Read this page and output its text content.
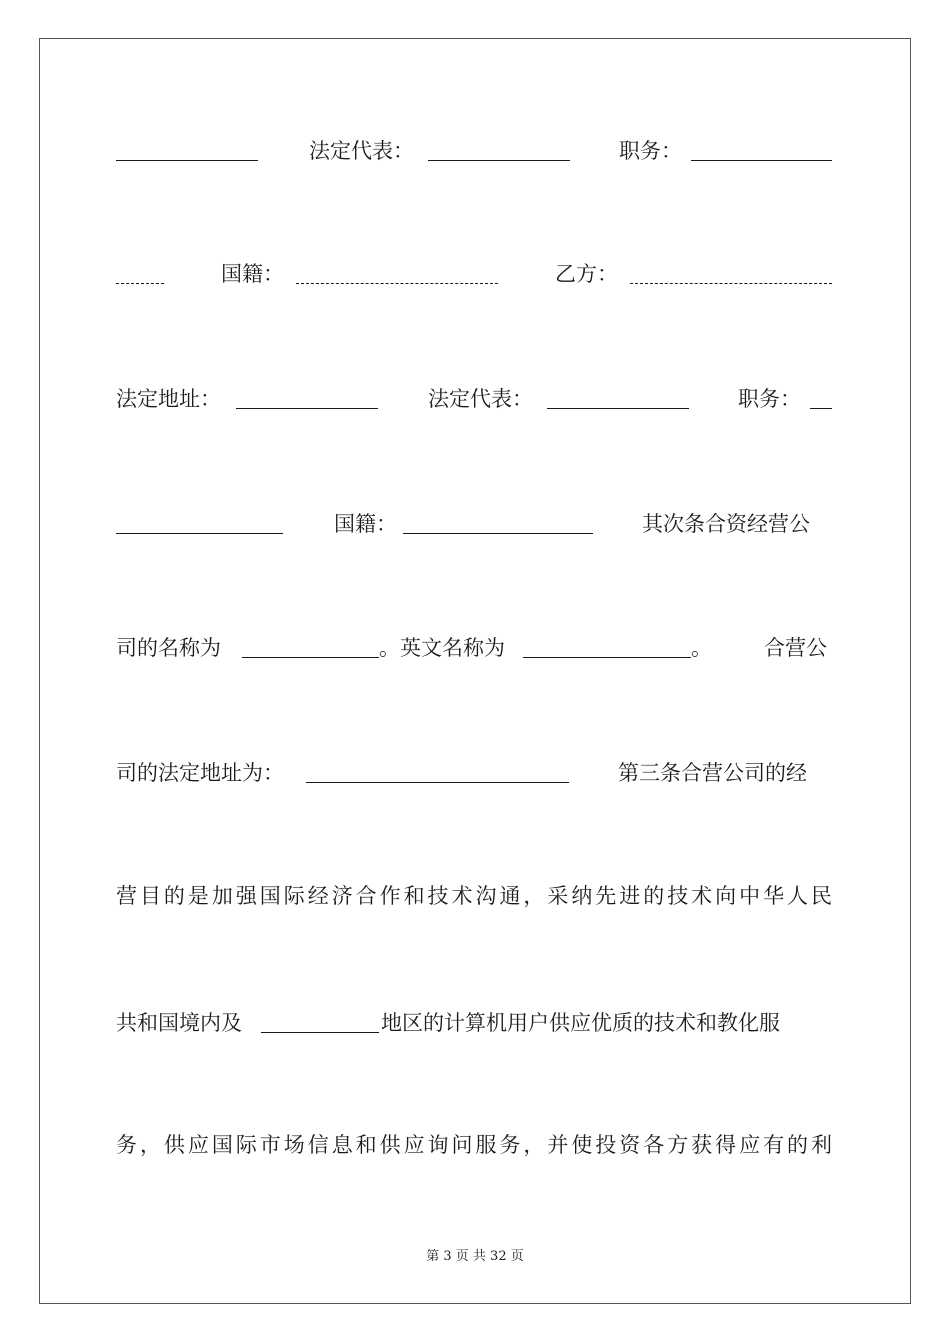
法定代表：	职务：
国籍：	乙方：
法定地址：	法定代表：	职务：
国籍：	其次条合资经营公
司的名称为	。英文名称为	。 合营公
司的法定地址为：	第三条合营公司的经
营目的是加强国际经济合作和技术沟通，采纳先进的技术向中华人民
共和国境内及	地区的计算机用户供应优质的技术和教化服
务，供应国际市场信息和供应询问服务，并使投资各方获得应有的利
第 3 页 共 32 页
